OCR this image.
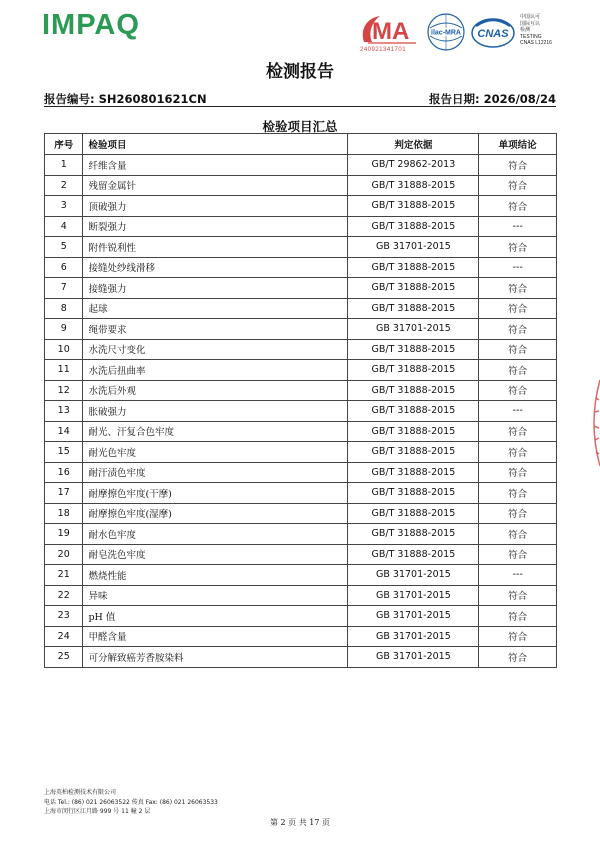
IMPAQ	MA
240921341701
ilac-MRA CNAS
中国认可
国际互认
检测
TESTING
CNAS L12216
检测报告
报告编号: SH260801621CN	报告日期: 2026/08/24
检验项目汇总
序号	检验项目	判定依据	单项结论
1	纤维含量	GB/T 29862-2013	符合
2	残留金属针	GB/T 31888-2015	符合
3	顶破强力	GB/T 31888-2015	符合
4	断裂强力	GB/T 31888-2015	---
5	附件锐利性	GB 31701-2015	符合
6	接缝处纱线滑移	GB/T 31888-2015	---
7	接缝强力	GB/T 31888-2015	符合
8	起球	GB/T 31888-2015	符合
9	绳带要求	GB 31701-2015	符合
10	水洗尺寸变化	GB/T 31888-2015	符合
11	水洗后扭曲率	GB/T 31888-2015	符合
12	水洗后外观	GB/T 31888-2015	符合
13	胀破强力	GB/T 31888-2015	---
14	耐光、汗复合色牢度	GB/T 31888-2015	符合
15	耐光色牢度	GB/T 31888-2015	符合
16	耐汗渍色牢度	GB/T 31888-2015	符合
17	耐摩擦色牢度(干摩)	GB/T 31888-2015	符合
18	耐摩擦色牢度(湿摩)	GB/T 31888-2015	符合
19	耐水色牢度	GB/T 31888-2015	符合
20	耐皂洗色牢度	GB/T 31888-2015	符合
21	燃烧性能	GB 31701-2015	---
22	异味	GB 31701-2015	符合
23	pH 值	GB 31701-2015	符合
24	甲醛含量	GB 31701-2015	符合
25	可分解致癌芳香胺染料	GB 31701-2015	符合
上海英柏检测技术有限公司
电话 Tel.: (86) 021 26063522 传真 Fax: (86) 021 26063533
上海市闵行区江月路 999 号 11 幢 2 层
第 2 页 共 17 页
